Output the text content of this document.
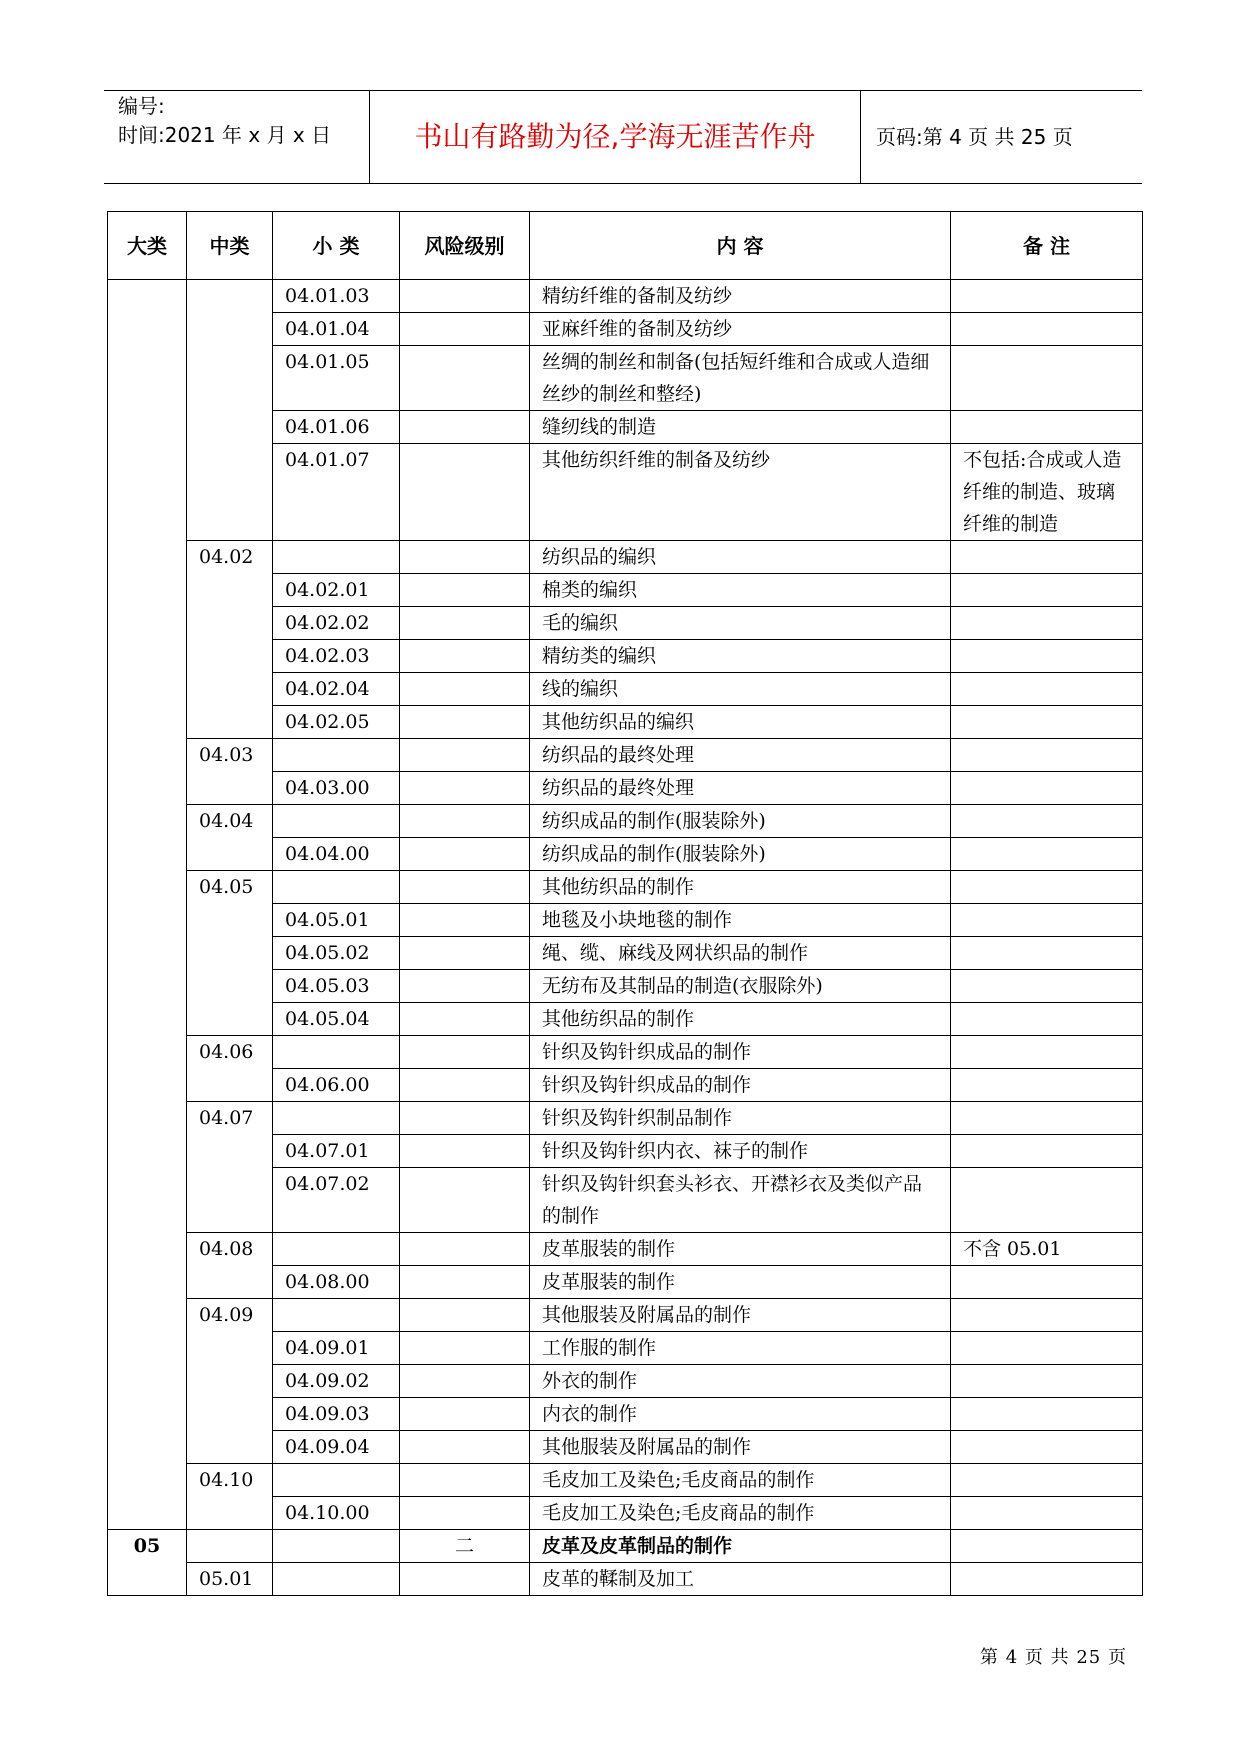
编号:
时间:2021 年 x 月 x 日	书山有路勤为径,学海无涯苦作舟	页码:第 4 页 共 25 页
大类	中类	小 类	风险级别	内 容	备 注
		04.01.03		精纺纤维的备制及纺纱	
		04.01.04		亚麻纤维的备制及纺纱	
		04.01.05		丝绸的制丝和制备(包括短纤维和合成或人造细丝纱的制丝和整经)	
		04.01.06		缝纫线的制造	
		04.01.07		其他纺织纤维的制备及纺纱	不包括:合成或人造纤维的制造、玻璃纤维的制造
	04.02			纺织品的编织	
		04.02.01		棉类的编织	
		04.02.02		毛的编织	
		04.02.03		精纺类的编织	
		04.02.04		线的编织	
		04.02.05		其他纺织品的编织	
	04.03			纺织品的最终处理	
		04.03.00		纺织品的最终处理	
	04.04			纺织成品的制作(服装除外)	
		04.04.00		纺织成品的制作(服装除外)	
	04.05			其他纺织品的制作	
		04.05.01		地毯及小块地毯的制作	
		04.05.02		绳、缆、麻线及网状织品的制作	
		04.05.03		无纺布及其制品的制造(衣服除外)	
		04.05.04		其他纺织品的制作	
	04.06			针织及钩针织成品的制作	
		04.06.00		针织及钩针织成品的制作	
	04.07			针织及钩针织制品制作	
		04.07.01		针织及钩针织内衣、袜子的制作	
		04.07.02		针织及钩针织套头衫衣、开襟衫衣及类似产品的制作	
	04.08			皮革服装的制作	不含 05.01
		04.08.00		皮革服装的制作	
	04.09			其他服装及附属品的制作	
		04.09.01		工作服的制作	
		04.09.02		外衣的制作	
		04.09.03		内衣的制作	
		04.09.04		其他服装及附属品的制作	
	04.10			毛皮加工及染色;毛皮商品的制作	
		04.10.00		毛皮加工及染色;毛皮商品的制作	
05			二	皮革及皮革制品的制作	
	05.01			皮革的鞣制及加工	
第 4 页 共 25 页
